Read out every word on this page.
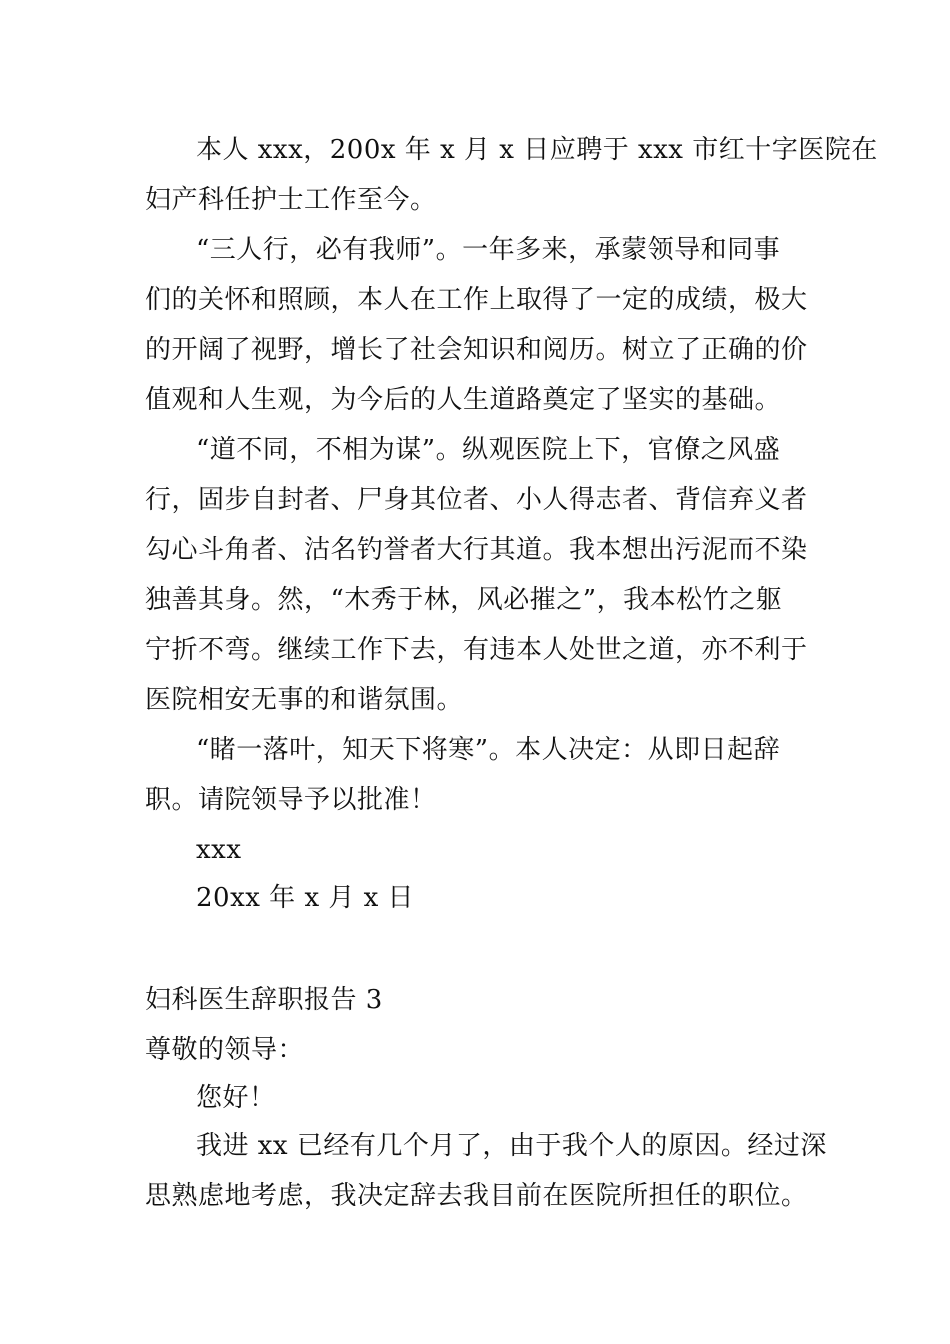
本人 xxx，200x 年 x 月 x 日应聘于 xxx 市红十字医院在
妇产科任护士工作至今。
“三人行，必有我师”。一年多来，承蒙领导和同事
们的关怀和照顾，本人在工作上取得了一定的成绩，极大
的开阔了视野，增长了社会知识和阅历。树立了正确的价
值观和人生观，为今后的人生道路奠定了坚实的基础。
“道不同，不相为谋”。纵观医院上下，官僚之风盛
行，固步自封者、尸身其位者、小人得志者、背信弃义者
勾心斗角者、沽名钓誉者大行其道。我本想出污泥而不染
独善其身。然，“木秀于林，风必摧之”，我本松竹之躯
宁折不弯。继续工作下去，有违本人处世之道，亦不利于
医院相安无事的和谐氛围。
“睹一落叶，知天下将寒”。本人决定：从即日起辞
职。请院领导予以批准！
xxx
20xx 年 x 月 x 日
妇科医生辞职报告 3
尊敬的领导：
您好！
我进 xx 已经有几个月了，由于我个人的原因。经过深
思熟虑地考虑，我决定辞去我目前在医院所担任的职位。
